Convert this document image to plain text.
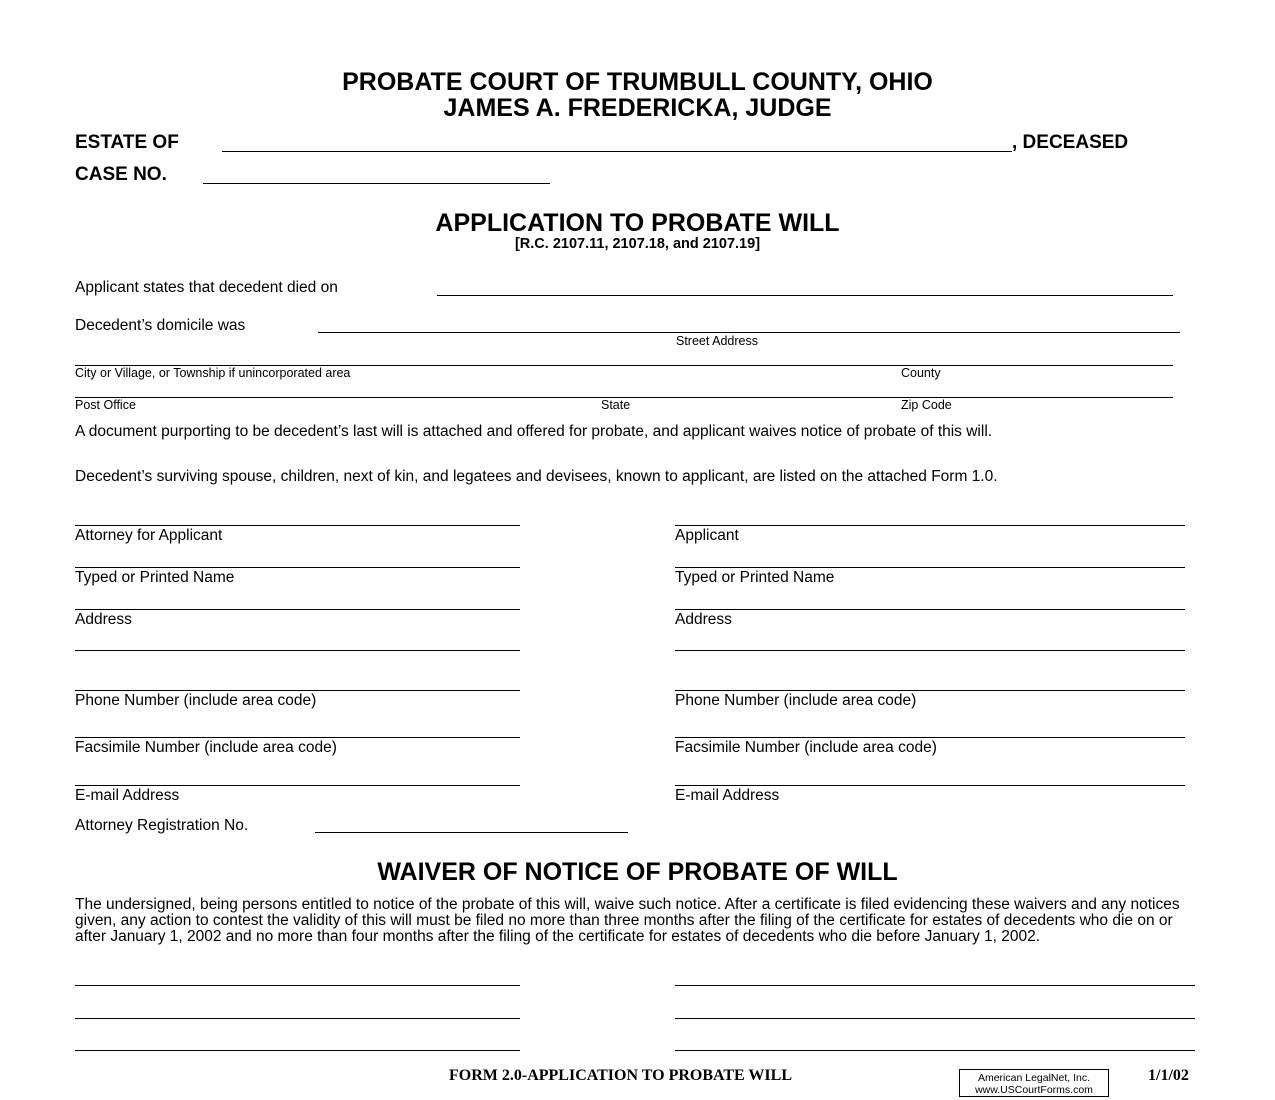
PROBATE COURT OF TRUMBULL COUNTY, OHIO
JAMES A. FREDERICKA, JUDGE
ESTATE OF	, DECEASED
CASE NO.
APPLICATION TO PROBATE WILL
[R.C. 2107.11, 2107.18, and 2107.19]
Applicant states that decedent died on
Decedent’s domicile was
Street Address
City or Village, or Township if unincorporated area	County
Post Office	State	Zip Code
A document purporting to be decedent’s last will is attached and offered for probate, and applicant waives notice of probate of this will.
Decedent’s surviving spouse, children, next of kin, and legatees and devisees, known to applicant, are listed on the attached Form 1.0.
Attorney for Applicant	Applicant
Typed or Printed Name	Typed or Printed Name
Address	Address
Phone Number (include area code)	Phone Number (include area code)
Facsimile Number (include area code)	Facsimile Number (include area code)
E-mail Address	E-mail Address
Attorney Registration No.
WAIVER OF NOTICE OF PROBATE OF WILL
The undersigned, being persons entitled to notice of the probate of this will, waive such notice. After a certificate is filed evidencing these waivers and any notices given, any action to contest the validity of this will must be filed no more than three months after the filing of the certificate for estates of decedents who die on or after January 1, 2002 and no more than four months after the filing of the certificate for estates of decedents who die before January 1, 2002.
FORM 2.0-APPLICATION TO PROBATE WILL	American LegalNet, Inc.
www.USCourtForms.com
1/1/02
